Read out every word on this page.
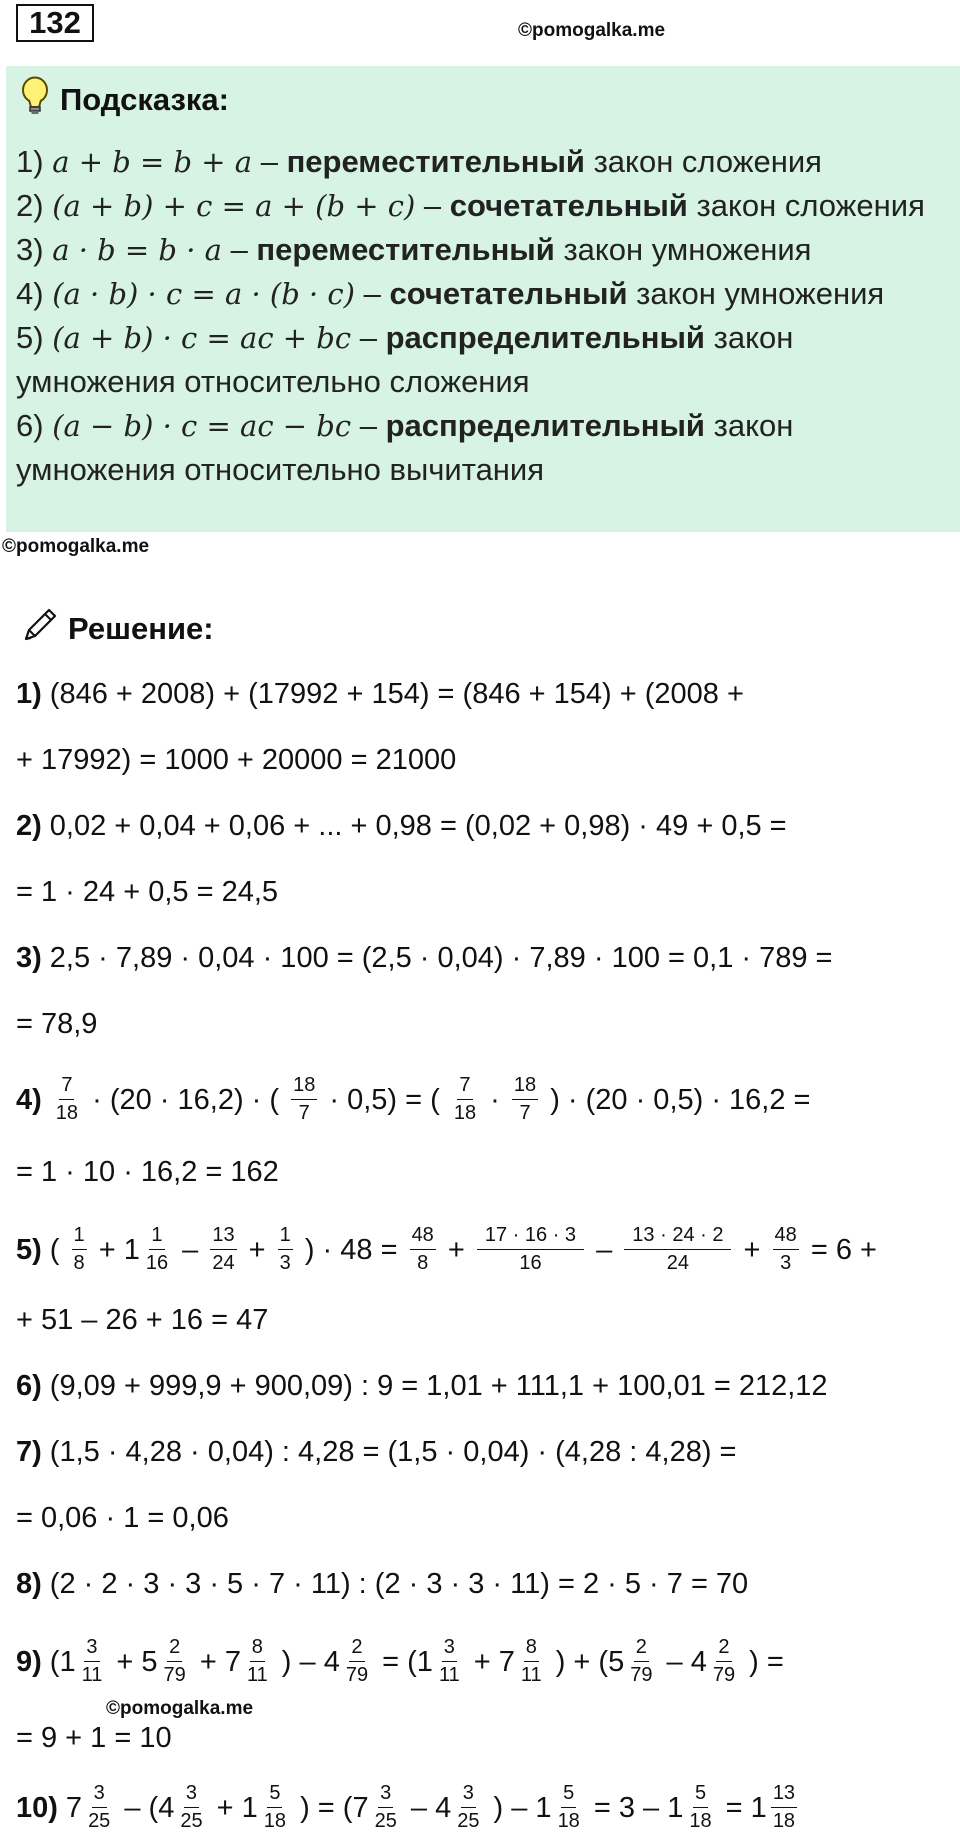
132	©pomogalka.me
Подсказка:
1) a + b = b + a – переместительный закон сложения
2) (a + b) + c = a + (b + c) – сочетательный закон сложения
3) a · b = b · a – переместительный закон умножения
4) (a · b) · c = a · (b · c) – сочетательный закон умножения
5) (a + b) · c = ac + bc – распределительный закон
умножения относительно сложения
6) (a − b) · c = ac − bc – распределительный закон
умножения относительно вычитания
©pomogalka.me
Решение:
1) (846 + 2008) + (17992 + 154) = (846 + 154) + (2008 +
+ 17992) = 1000 + 20000 = 21000
2) 0,02 + 0,04 + 0,06 + ... + 0,98 = (0,02 + 0,98) · 49 + 0,5 =
= 1 · 24 + 0,5 = 24,5
3) 2,5 · 7,89 · 0,04 · 100 = (2,5 · 0,04) · 7,89 · 100 = 0,1 · 789 =
= 78,9
$4) \frac{7}{18} \cdot (20 \cdot 16,2)$ · ( $\frac{18}{7} \cdot 0,5$) = ( $\frac{7}{18} \cdot \frac{18}{7}$ ) · (20 · 0,5) · 16,2 =
= 1 · 10 · 16,2 = 162
5) ( $\frac{1}{8} + 1 \frac{1}{16} - \frac{13}{24} + \frac{1}{3}$ ) · $48 = \frac{48}{8} + \frac{17 \cdot 16 \cdot 3}{16} - \frac{13 \cdot 24 \cdot 2}{24} + \frac{48}{3} = 6$ +
+ 51 – 26 + 16 = 47
6) (9,09 + 999,9 + 900,09) : 9 = 1,01 + 111,1 + 100,01 = 212,12
7) (1,5 · 4,28 · 0,04) : 4,28 = (1,5 · 0,04) · (4,28 : 4,28) =
= 0,06 · 1 = 0,06
8) (2 · 2 · 3 · 3 · 5 · 7 · 11) : (2 · 3 · 3 · 11) = 2 · 5 · 7 = 70
9) ($1 \frac{3}{11} + 5 \frac{2}{79} + 7 \frac{8}{11}$ ) – $4 \frac{2}{79} = (1 \frac{3}{11} + 7 \frac{8}{11}$ ) + ($5 \frac{2}{79} - 4 \frac{2}{79}$ ) =
©pomogalka.me
= 9 + 1 = 10
10) $7 \frac{3}{25} - (4 \frac{3}{25} + 1 \frac{5}{18}$ ) = ($7 \frac{3}{25} - 4 \frac{3}{25}$ ) – $1 \frac{5}{18} = 3 - 1 \frac{5}{18} = 1 \frac{13}{18}$
